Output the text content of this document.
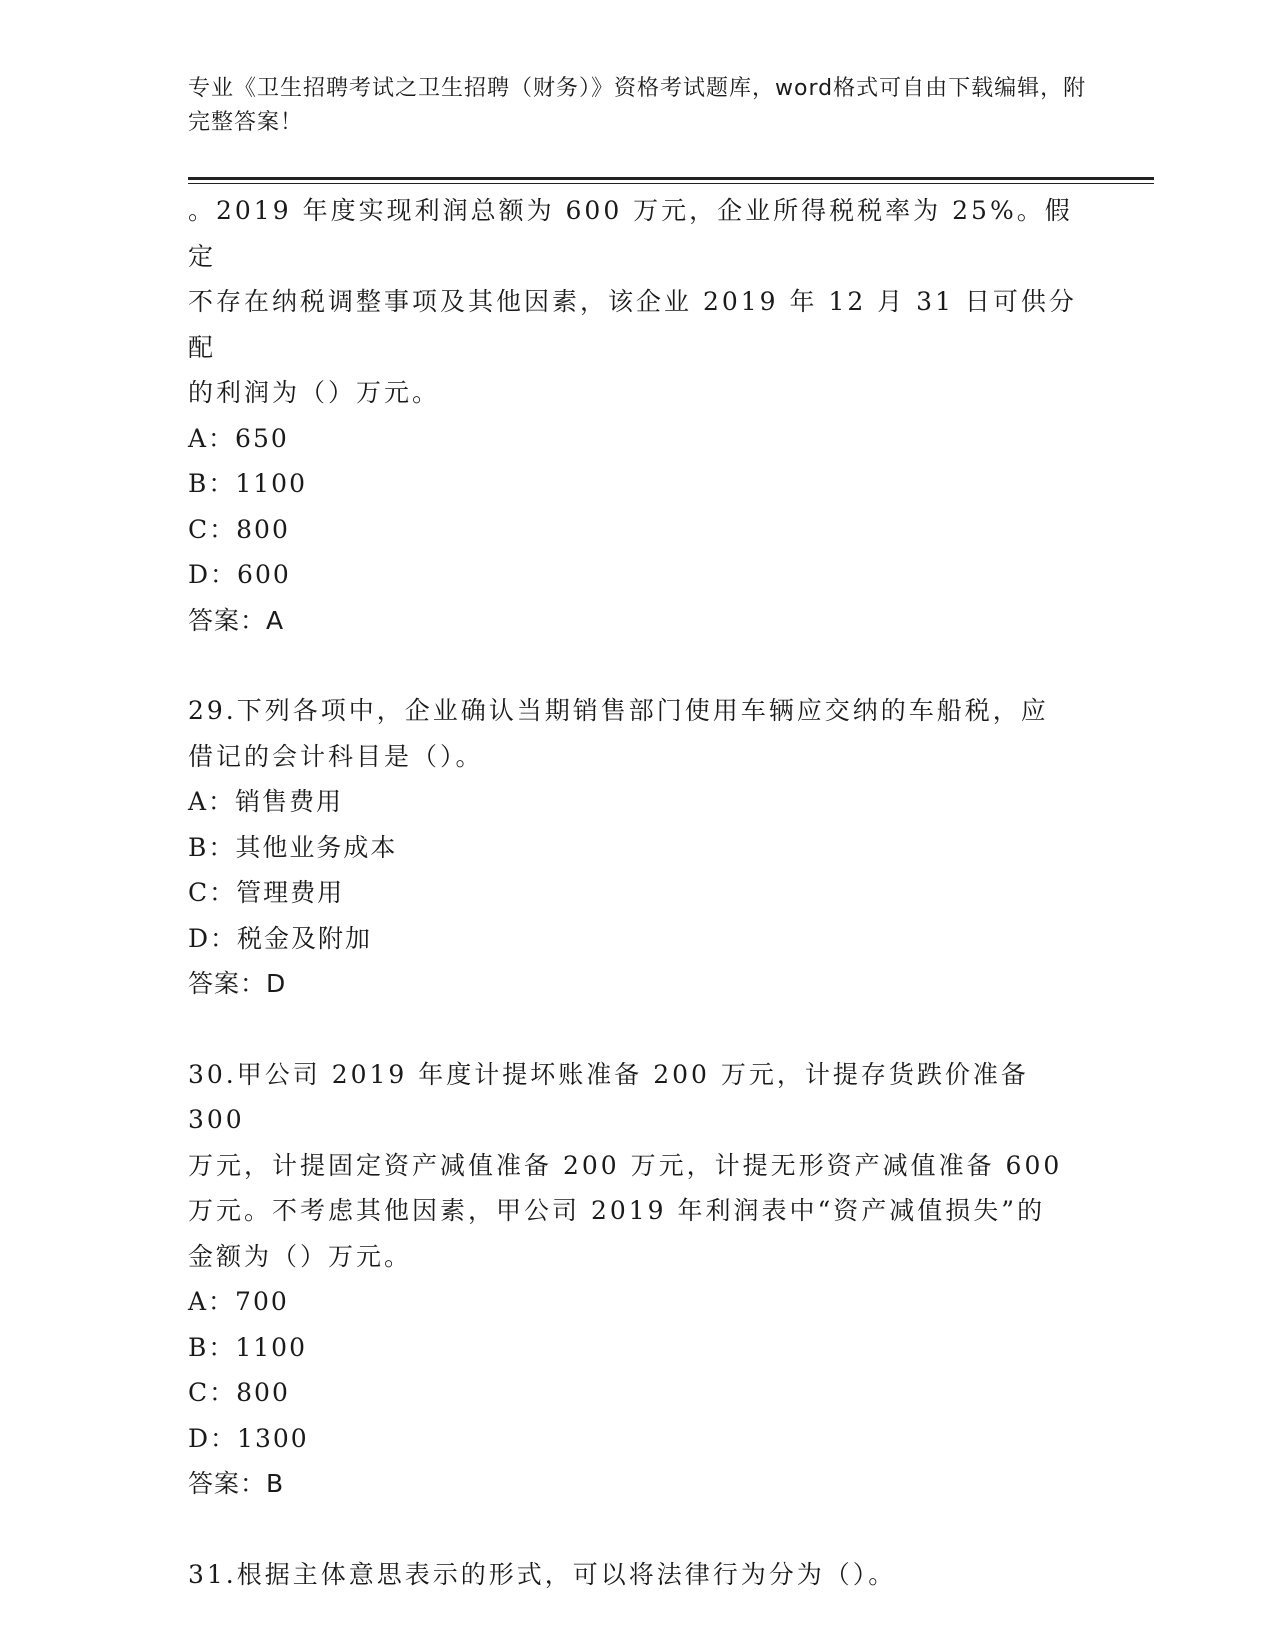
专业《卫生招聘考试之卫生招聘（财务）》资格考试题库，word格式可自由下载编辑，附完整答案！

。2019 年度实现利润总额为 600 万元，企业所得税税率为 25%。假定

不存在纳税调整事项及其他因素，该企业 2019 年 12 月 31 日可供分配

的利润为（）万元。

A：650

B：1100

C：800

D：600

答案：A

29.下列各项中，企业确认当期销售部门使用车辆应交纳的车船税，应

借记的会计科目是（）。

A：销售费用

B：其他业务成本

C：管理费用

D：税金及附加

答案：D

30.甲公司 2019 年度计提坏账准备 200 万元，计提存货跌价准备 300

万元，计提固定资产减值准备 200 万元，计提无形资产减值准备 600

万元。不考虑其他因素，甲公司 2019 年利润表中“资产减值损失”的

金额为（）万元。

A：700

B：1100

C：800

D：1300

答案：B

31.根据主体意思表示的形式，可以将法律行为分为（）。
